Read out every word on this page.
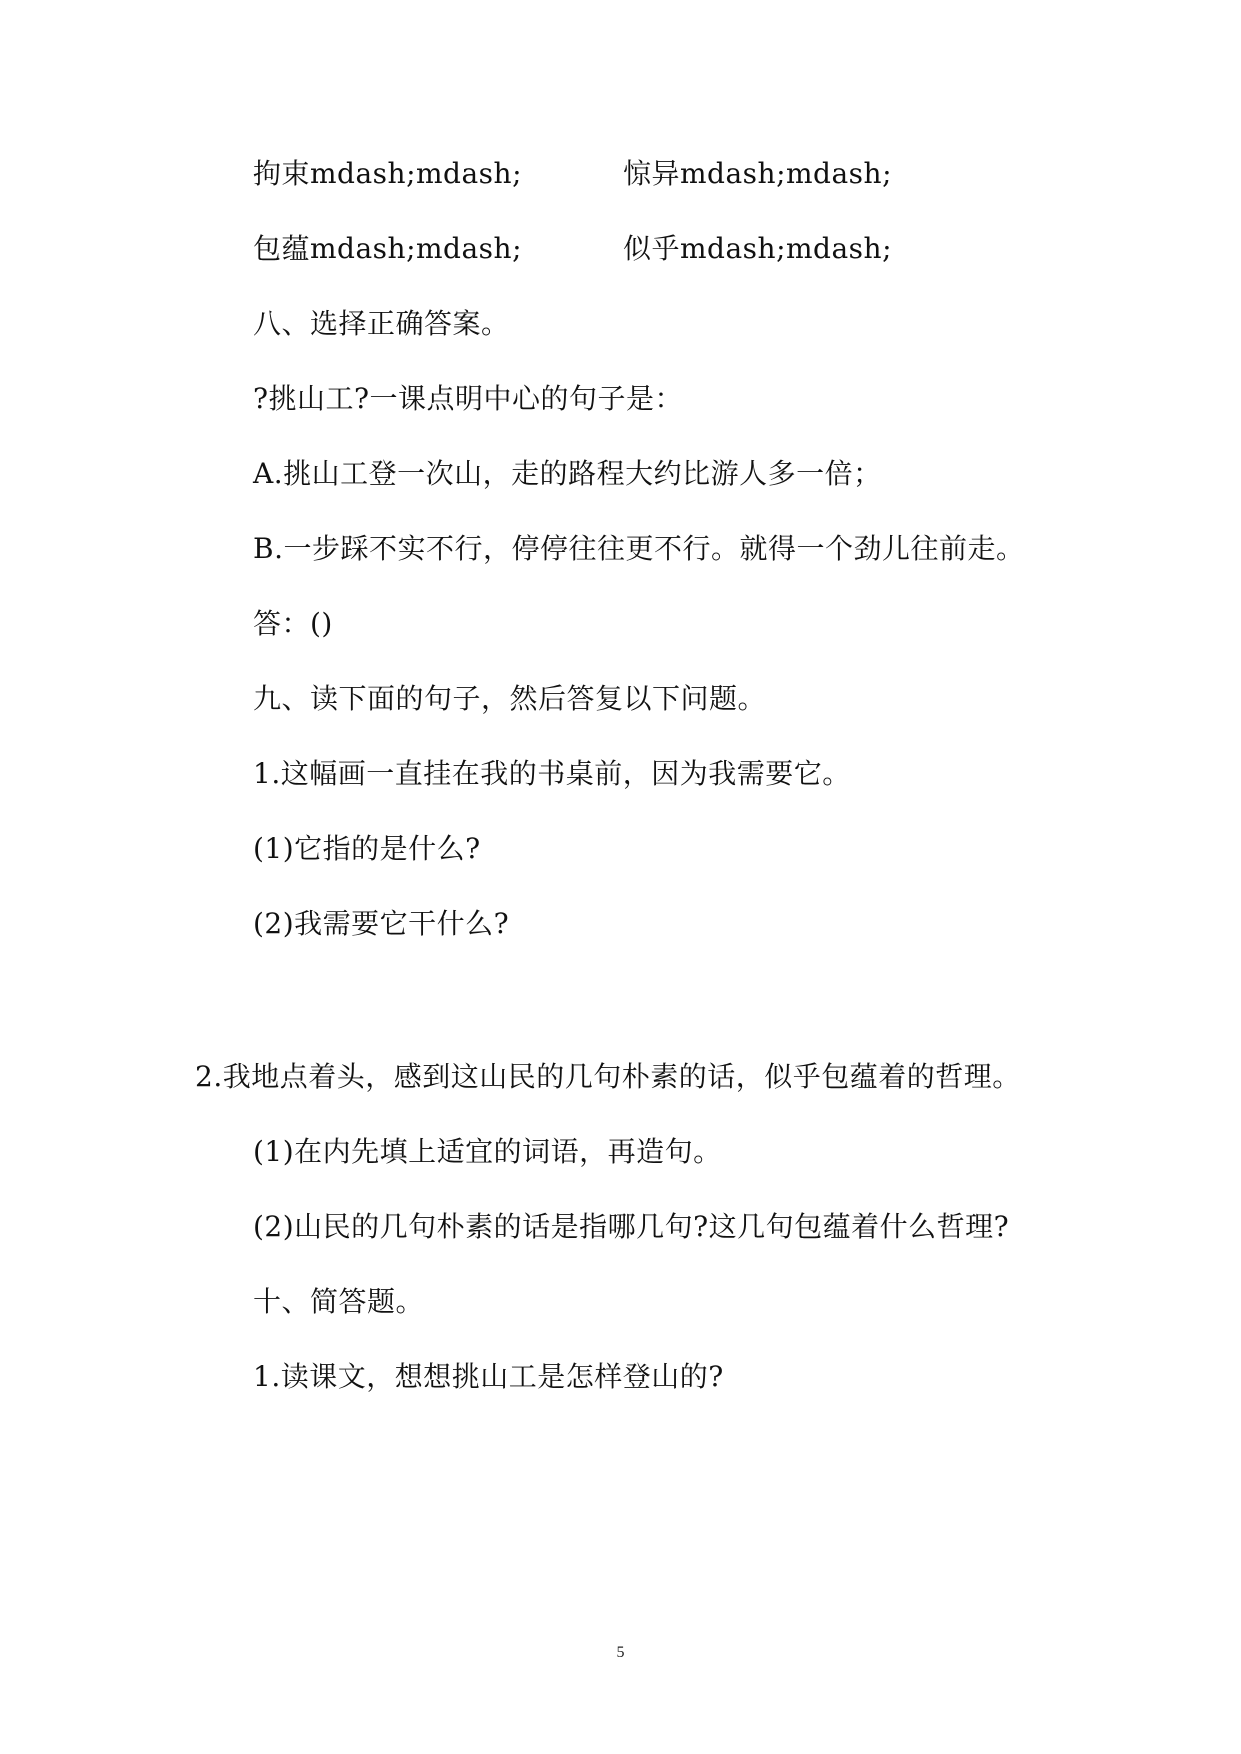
拘束mdash;mdash;	惊异mdash;mdash;
包蕴mdash;mdash;	似乎mdash;mdash;
八、选择正确答案。
?挑山工?一课点明中心的句子是：
A.挑山工登一次山，走的路程大约比游人多一倍；
B.一步踩不实不行，停停往往更不行。就得一个劲儿往前走。
答：()
九、读下面的句子，然后答复以下问题。
1.这幅画一直挂在我的书桌前，因为我需要它。
(1)它指的是什么?
(2)我需要它干什么?
2.我地点着头，感到这山民的几句朴素的话，似乎包蕴着的哲理。
(1)在内先填上适宜的词语，再造句。
(2)山民的几句朴素的话是指哪几句?这几句包蕴着什么哲理?
十、简答题。
1.读课文，想想挑山工是怎样登山的?
5
